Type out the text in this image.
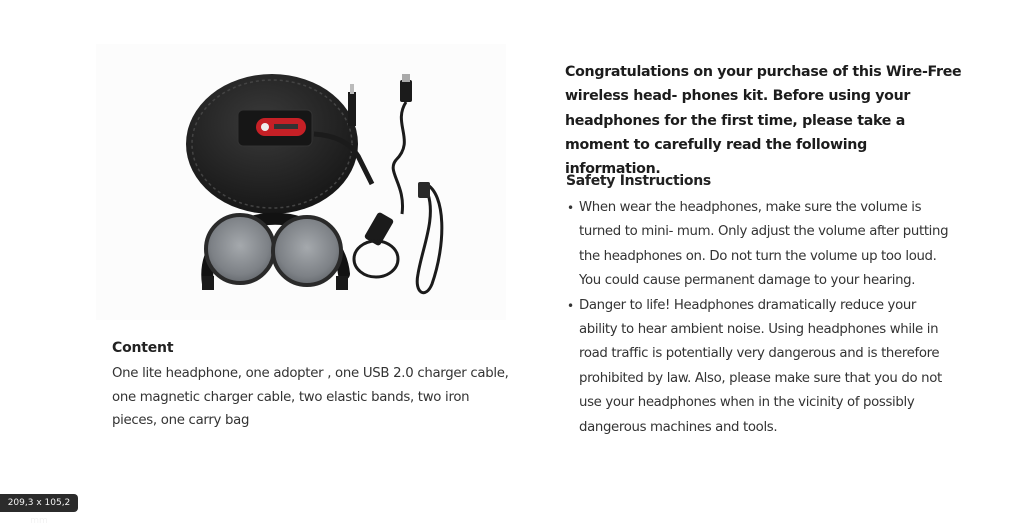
Content

One lite headphone, one adopter , one USB 2.0 charger cable, one magnetic charger cable, two elastic bands, two iron pieces, one carry bag

Congratulations on your purchase of this Wire-Free wireless head- phones kit. Before using your headphones for the first time, please take a moment to carefully read the following information.
Safety Instructions
• When wear the headphones, make sure the volume is turned to mini- mum. Only adjust the volume after putting the headphones on. Do not turn the volume up too loud. You could cause permanent damage to your hearing.
• Danger to life! Headphones dramatically reduce your ability to hear ambient noise. Using headphones while in road traffic is potentially very dangerous and is therefore prohibited by law. Also, please make sure that you do not use your headphones when in the vicinity of possibly dangerous machines and tools.
209,3 x 105,2 mm
